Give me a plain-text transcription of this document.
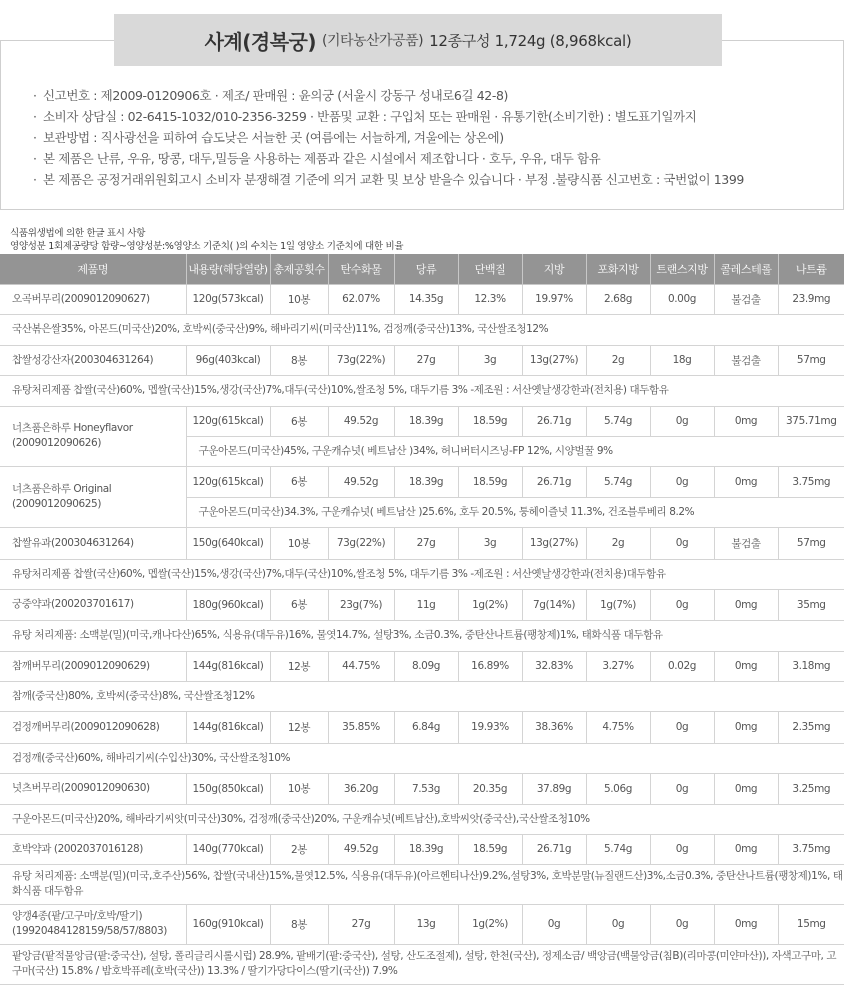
· 신고번호 : 제2009-0120906호 · 제조/ 판매원 : 윤의궁 (서울시 강동구 성내로6길 42-8)
· 소비자 상담실 : 02-6415-1032/010-2356-3259 · 반품및 교환 : 구입처 또는 판매원 · 유통기한(소비기한) : 별도표기일까지
· 보관방법 : 직사광선을 피하여 습도낮은 서늘한 곳 (여름에는 서늘하게, 겨울에는 상온에)
· 본 제품은 난류, 우유, 땅콩, 대두,밀등을 사용하는 제품과 같은 시설에서 제조합니다 · 호두, 우유, 대두 함유
· 본 제품은 공정거래위원회고시 소비자 분쟁해결 기준에 의거 교환 및 보상 받을수 있습니다 · 부정 .불량식품 신고번호 : 국번없이 1399
사계(경복궁) (기타농산가공품) 12종구성 1,724g (8,968kcal)
식품위생법에 의한 한글 표시 사항
영양성분 1회제공량당 함량~영양성분:%영양소 기준치( )의 수치는 1일 영양소 기준치에 대한 비율
제품명	내용량(해당열량)	총제공횟수	탄수화물	당류	단백질	지방	포화지방	트랜스지방	콜레스테롤	나트륨
오곡버무리(2009012090627)	120g(573kcal)	10봉	62.07%	14.35g	12.3%	19.97%	2.68g	0.00g	불검출	23.9mg
국산볶은쌀35%, 아몬드(미국산)20%, 호박씨(중국산)9%, 해바리기씨(미국산)11%, 검정깨(중국산)13%, 국산쌀조청12%										
찹쌀성강산자(200304631264)	96g(403kcal)	8봉	73g(22%)	27g	3g	13g(27%)	2g	18g	불검출	57mg
유탕처리제품 찹쌀(국산)60%, 멥쌀(국산)15%,생강(국산)7%,대두(국산)10%,쌀조청 5%, 대두기름 3% -제조원 : 서산옛날생강한과(전치용) 대두함유										
너츠품은하루 Honeyflavor (2009012090626)	120g(615kcal)	6봉	49.52g	18.39g	18.59g	26.71g	5.74g	0g	0mg	375.71mg
	구운아몬드(미국산)45%, 구운캐슈넛( 베트남산 )34%, 허니버터시즈닝-FP 12%, 시양벌꿀 9%									
너츠품은하루 Original (2009012090625)	120g(615kcal)	6봉	49.52g	18.39g	18.59g	26.71g	5.74g	0g	0mg	3.75mg
	구운아몬드(미국산)34.3%, 구운캐슈넛( 베트남산 )25.6%, 호두 20.5%, 퉁헤이즐넛 11.3%, 건조블루베리 8.2%									
찹쌀유과(200304631264)	150g(640kcal)	10봉	73g(22%)	27g	3g	13g(27%)	2g	0g	불검출	57mg
유탕처리제품 찹쌀(국산)60%, 멥쌀(국산)15%,생강(국산)7%,대두(국산)10%,쌀조청 5%, 대두기름 3% -제조원 : 서산옛날생강한과(전치용)대두함유										
궁중약과(200203701617)	180g(960kcal)	6봉	23g(7%)	11g	1g(2%)	7g(14%)	1g(7%)	0g	0mg	35mg
유탕 처리제품: 소맥분(밀)(미국,캐나다산)65%, 식용유(대두유)16%, 물엿14.7%, 설탕3%, 소금0.3%, 중탄산나트륨(팽창제)1%, 태화식품 대두함유										
참깨버무리(2009012090629)	144g(816kcal)	12봉	44.75%	8.09g	16.89%	32.83%	3.27%	0.02g	0mg	3.18mg
참깨(중국산)80%, 호박씨(중국산)8%, 국산쌀조청12%										
검정깨버무리(2009012090628)	144g(816kcal)	12봉	35.85%	6.84g	19.93%	38.36%	4.75%	0g	0mg	2.35mg
검정깨(중국산)60%, 해바리기씨(수입산)30%, 국산쌀조청10%										
넛츠버무리(2009012090630)	150g(850kcal)	10봉	36.20g	7.53g	20.35g	37.89g	5.06g	0g	0mg	3.25mg
구운아몬드(미국산)20%, 해바라기씨앗(미국산)30%, 검정깨(중국산)20%, 구운캐슈넛(베트남산),호박씨앗(중국산),국산쌀조청10%										
호박약과 (2002037016128)	140g(770kcal)	2봉	49.52g	18.39g	18.59g	26.71g	5.74g	0g	0mg	3.75mg
유탕 처리제품: 소맥분(밀)(미국,호주산)56%, 찹쌀(국내산)15%,물엿12.5%, 식용유(대두유)(아르헨티나산)9.2%,설탕3%, 호박분말(뉴질랜드산)3%,소금0.3%, 중탄산나트륨(팽창제)1%, 태화식품 대두함유										
양갱4종(팥/고구마/호박/딸기) (19920484128159/58/57/8803)	160g(910kcal)	8봉	27g	13g	1g(2%)	0g	0g	0g	0mg	15mg
팥앙금(팥적물앙금(팥:중국산), 설탕, 폴리글리시롤시럽) 28.9%, 팥배기(팥:중국산), 설탕, 산도조절제), 설탕, 한천(국산), 정제소금/ 백앙금(백물앙금(침B)(리마콩(미얀마산)), 자색고구마, 고구마(국산) 15.8% / 밤호박퓨레(호박(국산)) 13.3% / 딸기가당다이스(딸기(국산)) 7.9%										
